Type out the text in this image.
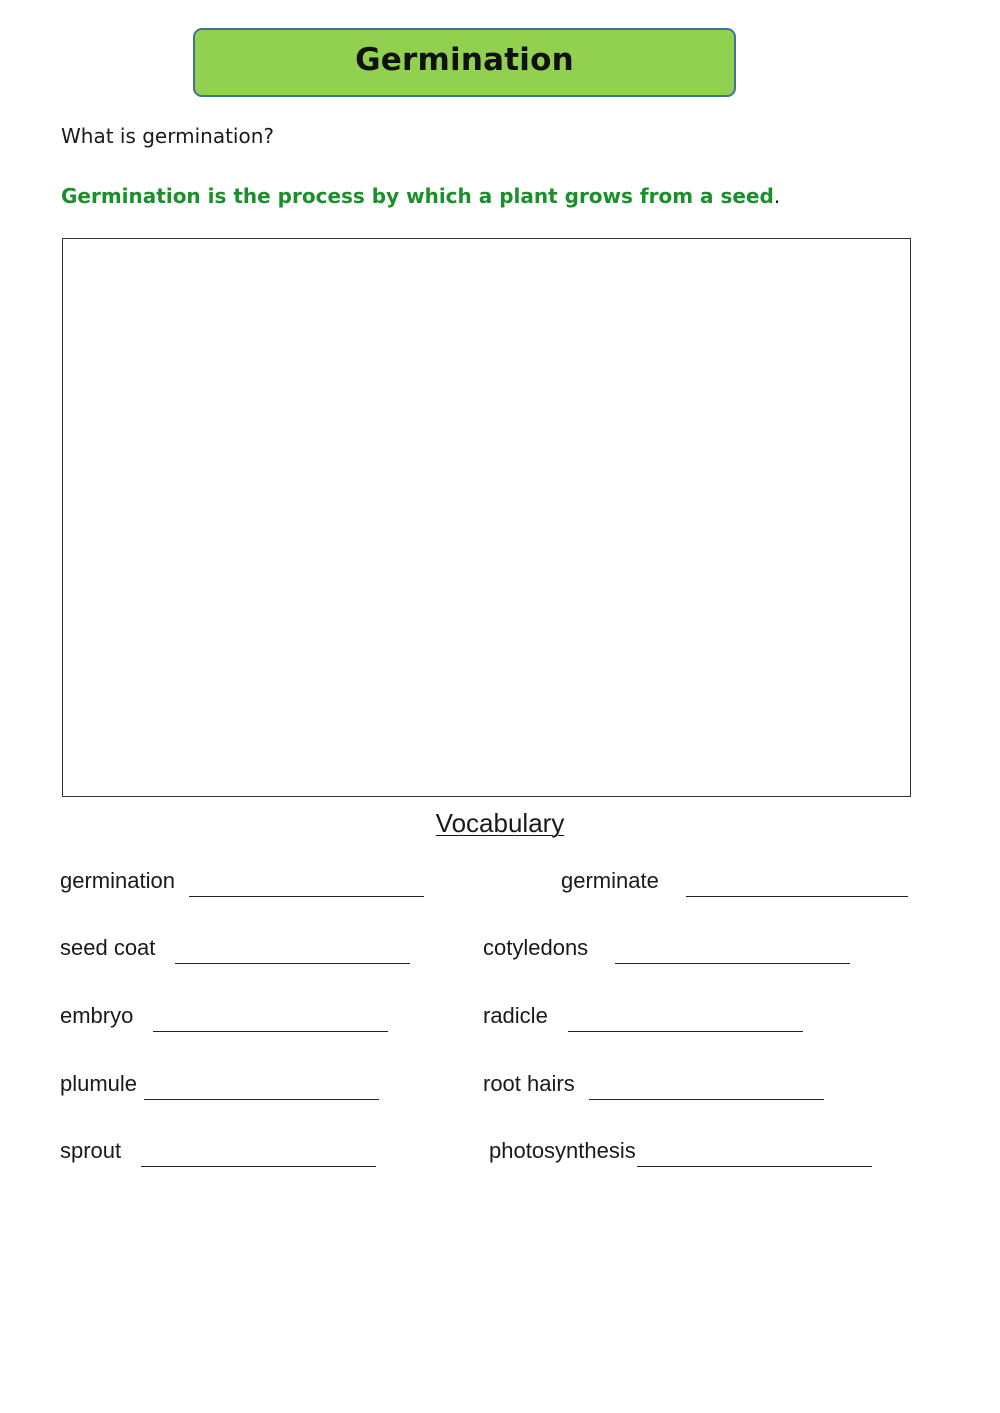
Germination
What is germination?
Germination is the process by which a plant grows from a seed.
Vocabulary
germination	germinate
seed coat	cotyledons
embryo	radicle
plumule	root hairs
sprout	photosynthesis
